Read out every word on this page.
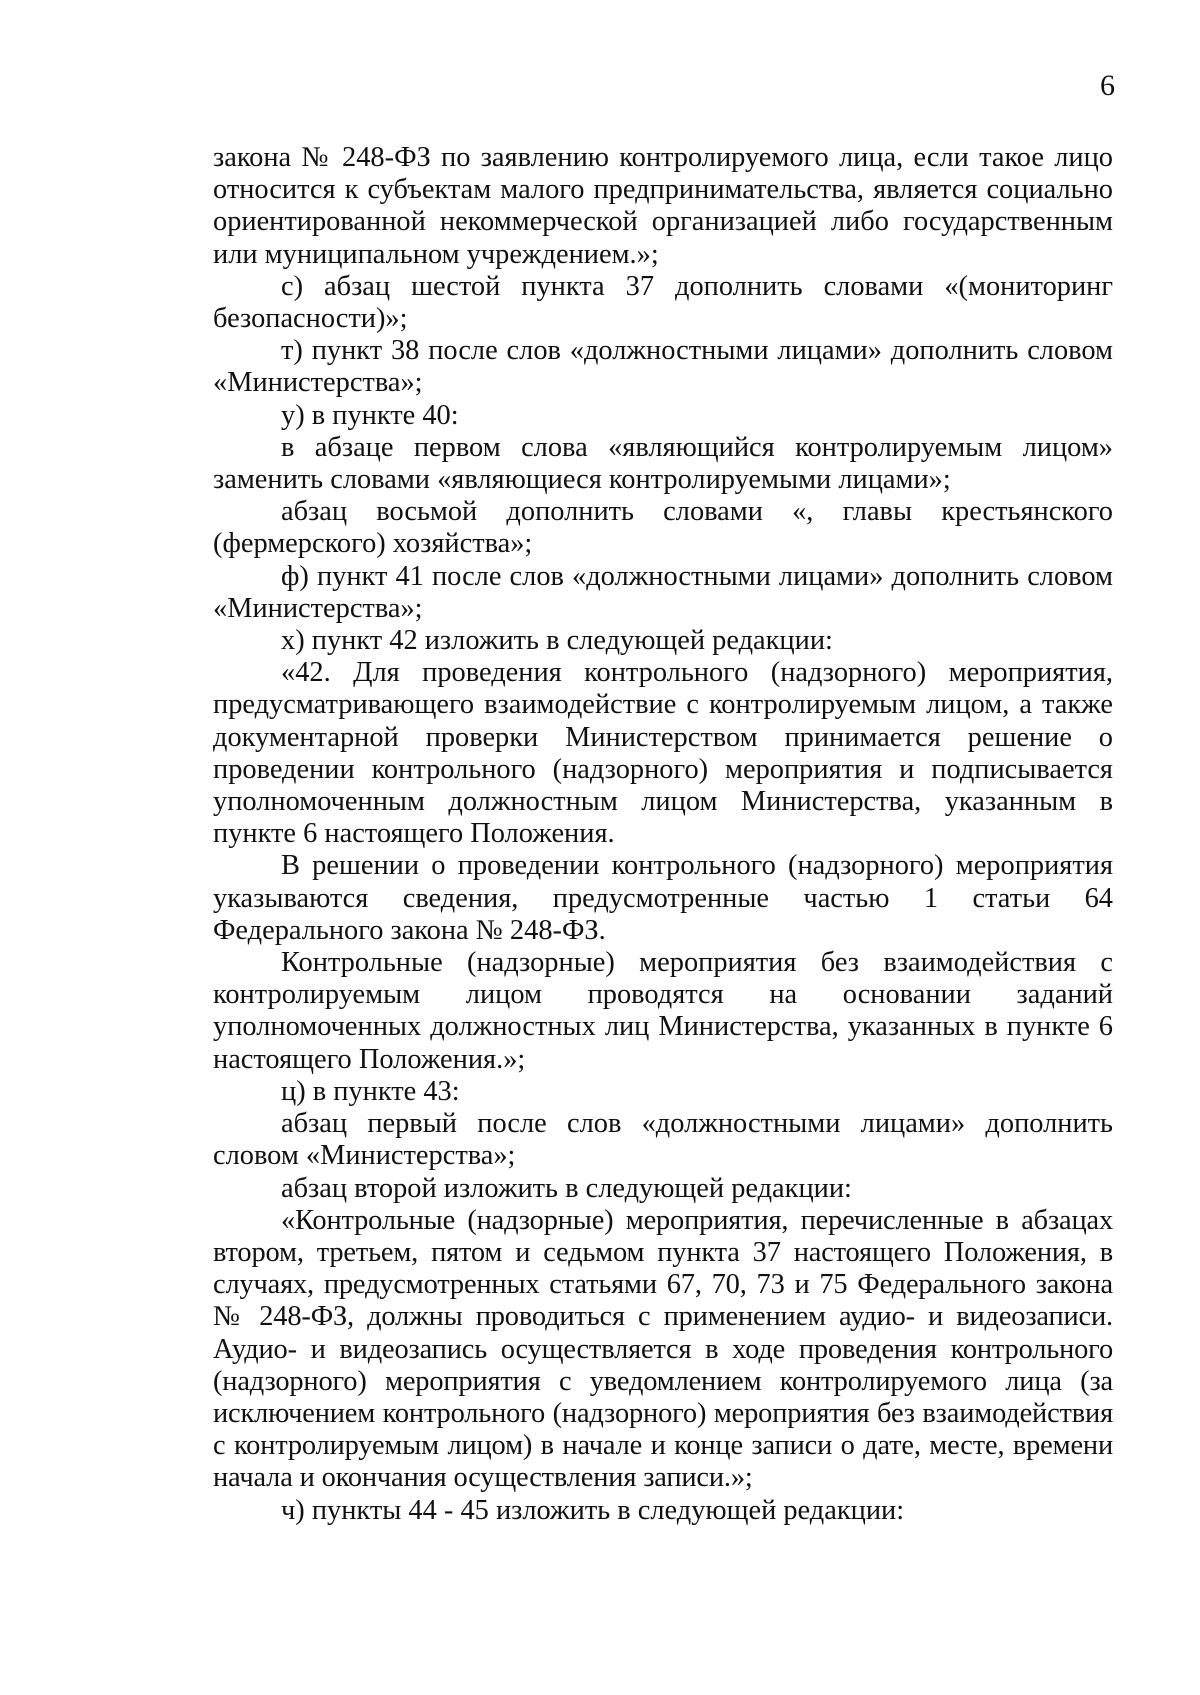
6

закона № 248-ФЗ по заявлению контролируемого лица, если такое лицо относится к субъектам малого предпринимательства, является социально ориентированной некоммерческой организацией либо государственным или муниципальном учреждением.»;

с) абзац шестой пункта 37 дополнить словами «(мониторинг безопасности)»;

т) пункт 38 после слов «должностными лицами» дополнить словом «Министерства»;

у) в пункте 40:

в абзаце первом слова «являющийся контролируемым лицом» заменить словами «являющиеся контролируемыми лицами»;

абзац восьмой дополнить словами «, главы крестьянского (фермерского) хозяйства»;

ф) пункт 41 после слов «должностными лицами» дополнить словом «Министерства»;

х) пункт 42 изложить в следующей редакции:

«42. Для проведения контрольного (надзорного) мероприятия, предусматривающего взаимодействие с контролируемым лицом, а также документарной проверки Министерством принимается решение о проведении контрольного (надзорного) мероприятия и подписывается уполномоченным должностным лицом Министерства, указанным в пункте 6 настоящего Положения.

В решении о проведении контрольного (надзорного) мероприятия указываются сведения, предусмотренные частью 1 статьи 64 Федерального закона № 248-ФЗ.

Контрольные (надзорные) мероприятия без взаимодействия с контролируемым лицом проводятся на основании заданий уполномоченных должностных лиц Министерства, указанных в пункте 6 настоящего Положения.»;

ц) в пункте 43:

абзац первый после слов «должностными лицами» дополнить словом «Министерства»;

абзац второй изложить в следующей редакции:

«Контрольные (надзорные) мероприятия, перечисленные в абзацах втором, третьем, пятом и седьмом пункта 37 настоящего Положения, в случаях, предусмотренных статьями 67, 70, 73 и 75 Федерального закона № 248-ФЗ, должны проводиться с применением аудио- и видеозаписи. Аудио- и видеозапись осуществляется в ходе проведения контрольного (надзорного) мероприятия с уведомлением контролируемого лица (за исключением контрольного (надзорного) мероприятия без взаимодействия с контролируемым лицом) в начале и конце записи о дате, месте, времени начала и окончания осуществления записи.»;

ч) пункты 44 - 45 изложить в следующей редакции:
